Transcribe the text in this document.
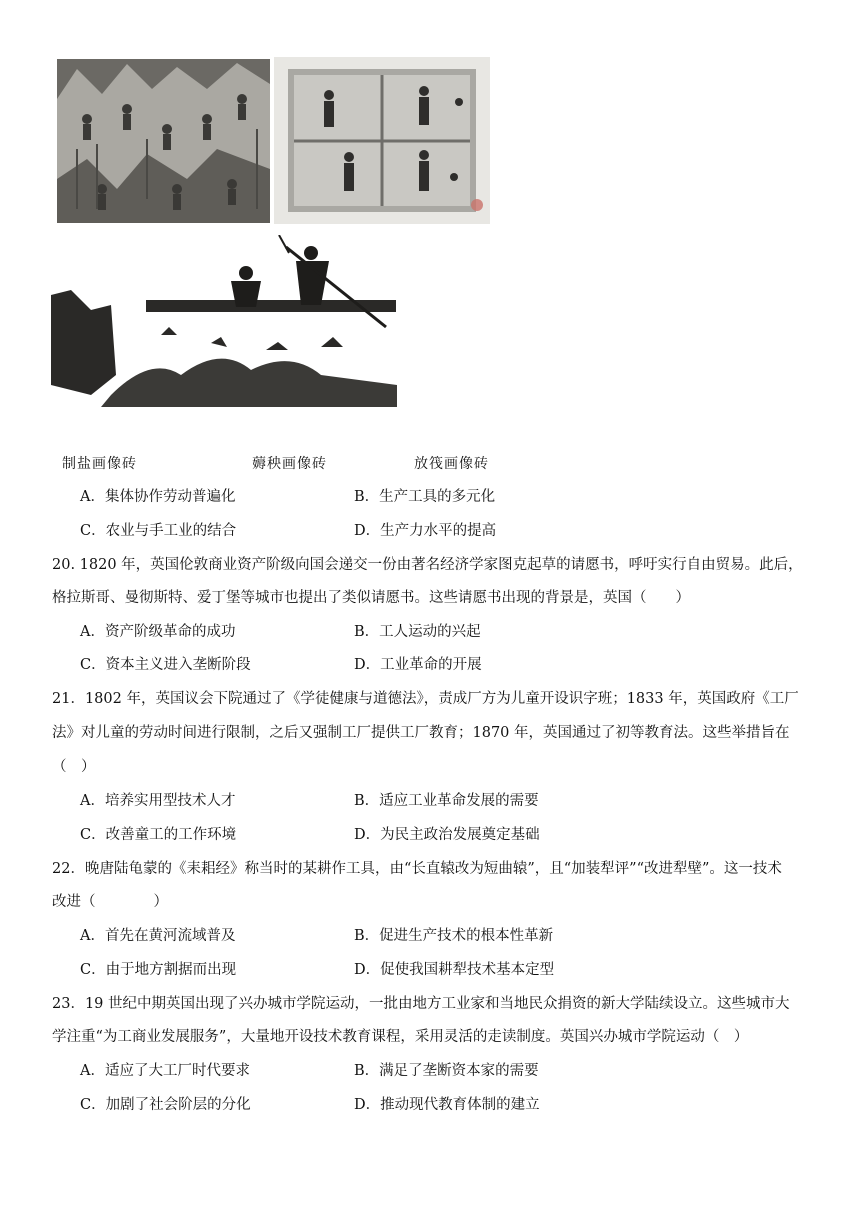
制盐画像砖	薅秧画像砖	放筏画像砖
A．集体协作劳动普遍化	B．生产工具的多元化
C．农业与手工业的结合	D．生产力水平的提高
20. 1820 年，英国伦敦商业资产阶级向国会递交一份由著名经济学家图克起草的请愿书，呼吁实行自由贸易。此后，
格拉斯哥、曼彻斯特、爱丁堡等城市也提出了类似请愿书。这些请愿书出现的背景是，英国（　　）
A．资产阶级革命的成功	B．工人运动的兴起
C．资本主义进入垄断阶段	D．工业革命的开展
21．1802 年，英国议会下院通过了《学徒健康与道德法》，责成厂方为儿童开设识字班；1833 年，英国政府《工厂
法》对儿童的劳动时间进行限制，之后又强制工厂提供工厂教育；1870 年，英国通过了初等教育法。这些举措旨在
（　）
A．培养实用型技术人才	B．适应工业革命发展的需要
C．改善童工的工作环境	D．为民主政治发展奠定基础
22．晚唐陆龟蒙的《耒耜经》称当时的某耕作工具，由“长直辕改为短曲辕”，且“加装犁评”“改进犁壁”。这一技术
改进（　　　　）
A．首先在黄河流域普及	B．促进生产技术的根本性革新
C．由于地方割据而出现	D．促使我国耕犁技术基本定型
23．19 世纪中期英国出现了兴办城市学院运动，一批由地方工业家和当地民众捐资的新大学陆续设立。这些城市大
学注重“为工商业发展服务”，大量地开设技术教育课程，采用灵活的走读制度。英国兴办城市学院运动（　）
A．适应了大工厂时代要求	B．满足了垄断资本家的需要
C．加剧了社会阶层的分化	D．推动现代教育体制的建立
